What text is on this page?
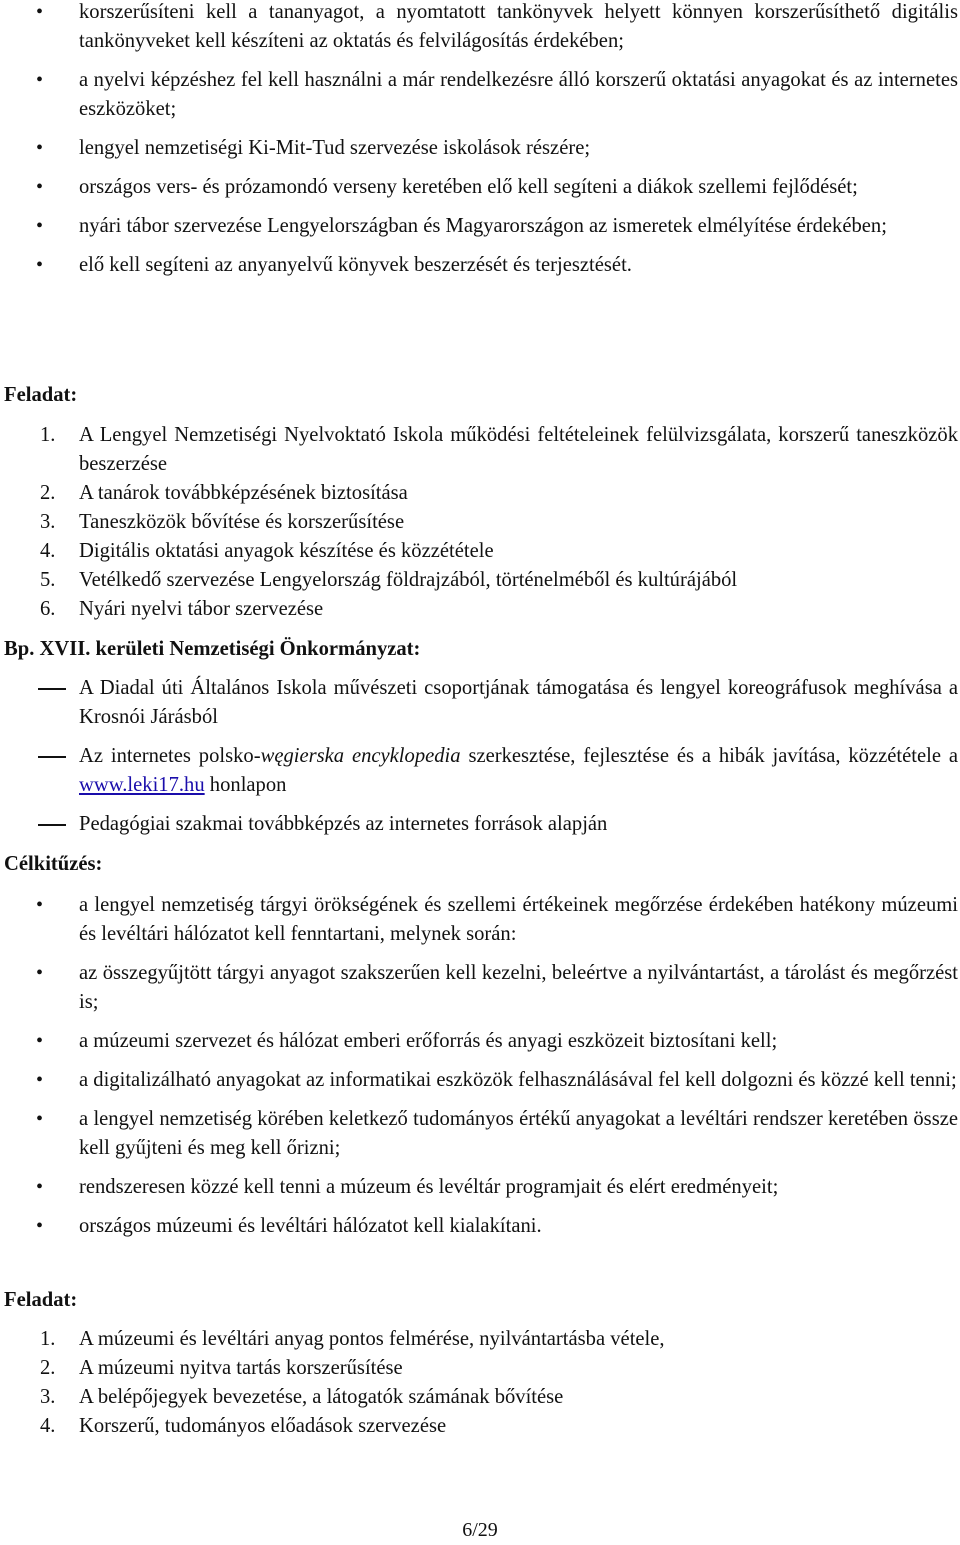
• korszerűsíteni kell a tananyagot, a nyomtatott tankönyvek helyett könnyen korszerűsíthető digitális tankönyveket kell készíteni az oktatás és felvilágosítás érdekében;
• a nyelvi képzéshez fel kell használni a már rendelkezésre álló korszerű oktatási anyagokat és az internetes eszközöket;
• lengyel nemzetiségi Ki-Mit-Tud szervezése iskolások részére;
• országos vers- és prózamondó verseny keretében elő kell segíteni a diákok szellemi fejlődését;
• nyári tábor szervezése Lengyelországban és Magyarországon az ismeretek elmélyítése érdekében;
• elő kell segíteni az anyanyelvű könyvek beszerzését és terjesztését.
Feladat:
1. A Lengyel Nemzetiségi Nyelvoktató Iskola működési feltételeinek felülvizsgálata, korszerű taneszközök beszerzése
2. A tanárok továbbképzésének biztosítása
3. Taneszközök bővítése és korszerűsítése
4. Digitális oktatási anyagok készítése és közzététele
5. Vetélkedő szervezése Lengyelország földrajzából, történelméből és kultúrájából
6. Nyári nyelvi tábor szervezése
Bp. XVII. kerületi Nemzetiségi Önkormányzat:
A Diadal úti Általános Iskola művészeti csoportjának támogatása és lengyel koreográfusok meghívása a Krosnói Járásból
Az internetes polsko-węgierska encyklopedia szerkesztése, fejlesztése és a hibák javítása, közzététele a www.leki17.hu honlapon
Pedagógiai szakmai továbbképzés az internetes források alapján
Célkitűzés:
• a lengyel nemzetiség tárgyi örökségének és szellemi értékeinek megőrzése érdekében hatékony múzeumi és levéltári hálózatot kell fenntartani, melynek során:
• az összegyűjtött tárgyi anyagot szakszerűen kell kezelni, beleértve a nyilvántartást, a tárolást és megőrzést is;
• a múzeumi szervezet és hálózat emberi erőforrás és anyagi eszközeit biztosítani kell;
• a digitalizálható anyagokat az informatikai eszközök felhasználásával fel kell dolgozni és közzé kell tenni;
• a lengyel nemzetiség körében keletkező tudományos értékű anyagokat a levéltári rendszer keretében össze kell gyűjteni és meg kell őrizni;
• rendszeresen közzé kell tenni a múzeum és levéltár programjait és elért eredményeit;
• országos múzeumi és levéltári hálózatot kell kialakítani.
Feladat:
1. A múzeumi és levéltári anyag pontos felmérése, nyilvántartásba vétele,
2. A múzeumi nyitva tartás korszerűsítése
3. A belépőjegyek bevezetése, a látogatók számának bővítése
4. Korszerű, tudományos előadások szervezése
6/29
